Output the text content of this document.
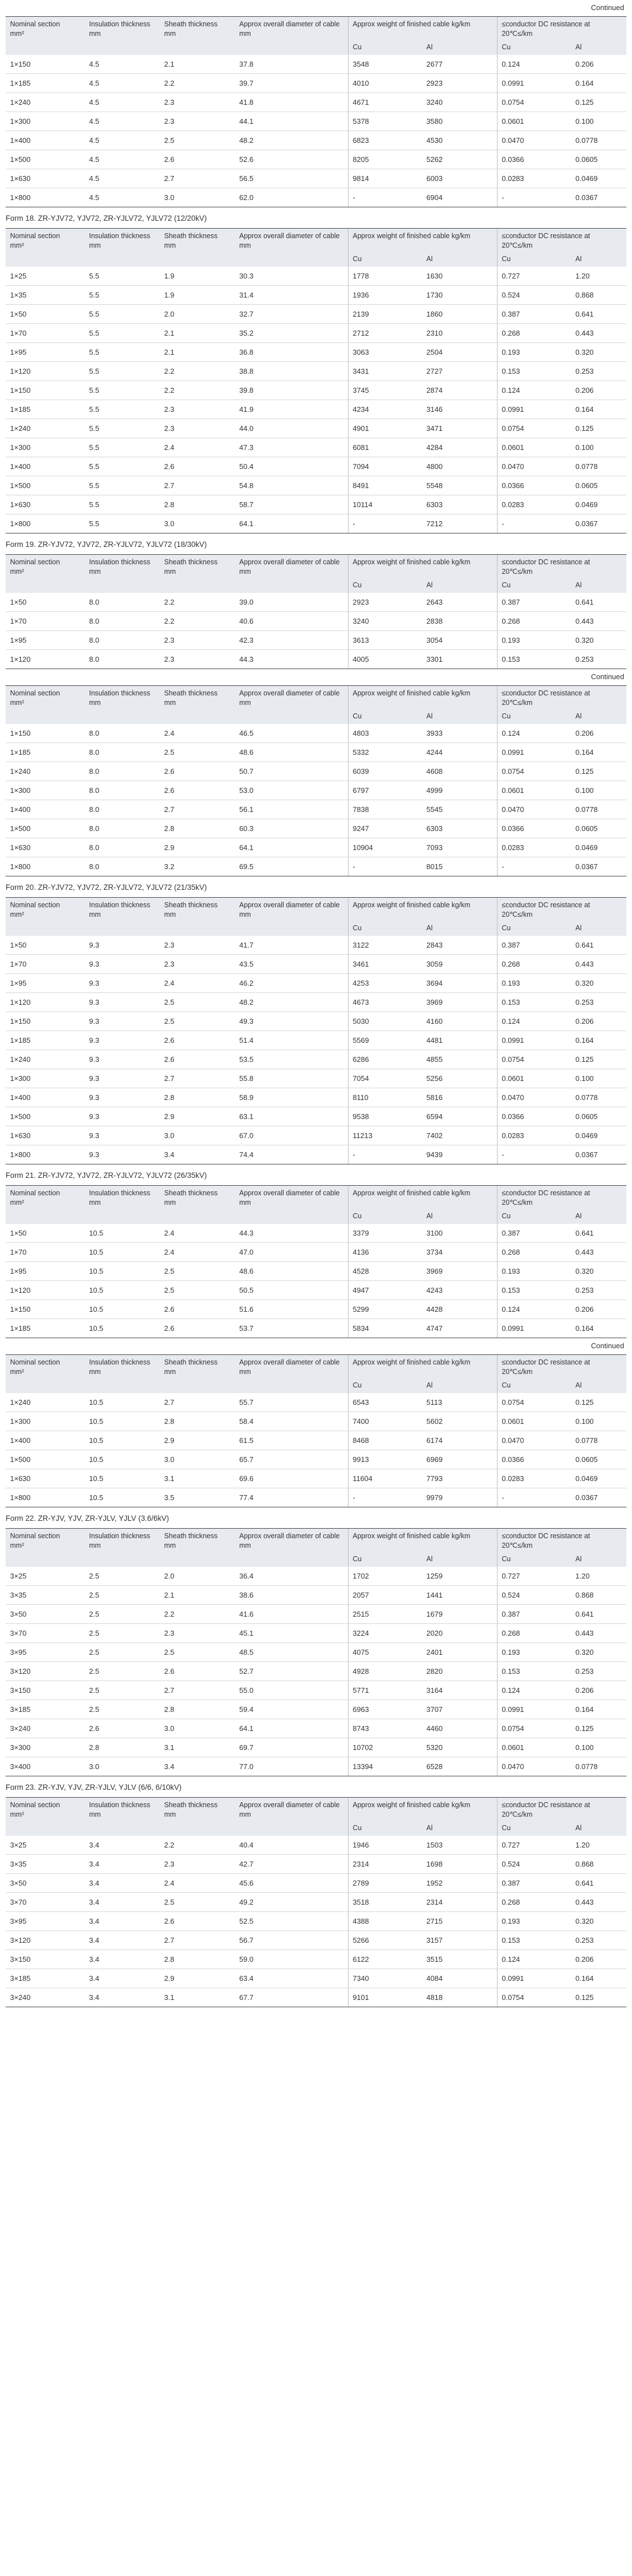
Continued
Nominal section
mm²	Insulation thickness mm	Sheath thickness mm	Approx overall diameter of cable mm	Approx weight of finished cable kg/km		≤conductor DC resistance at 20℃≤/km	
				Cu	Al	Cu	Al
1×150	4.5	2.1	37.8	3548	2677	0.124	0.206
1×185	4.5	2.2	39.7	4010	2923	0.0991	0.164
1×240	4.5	2.3	41.8	4671	3240	0.0754	0.125
1×300	4.5	2.3	44.1	5378	3580	0.0601	0.100
1×400	4.5	2.5	48.2	6823	4530	0.0470	0.0778
1×500	4.5	2.6	52.6	8205	5262	0.0366	0.0605
1×630	4.5	2.7	56.5	9814	6003	0.0283	0.0469
1×800	4.5	3.0	62.0	-	6904	-	0.0367
Form 18. ZR-YJV72, YJV72, ZR-YJLV72, YJLV72 (12/20kV)
Nominal section
mm²	Insulation thickness mm	Sheath thickness mm	Approx overall diameter of cable mm	Approx weight of finished cable kg/km		≤conductor DC resistance at 20℃≤/km	
				Cu	Al	Cu	Al
1×25	5.5	1.9	30.3	1778	1630	0.727	1.20
1×35	5.5	1.9	31.4	1936	1730	0.524	0.868
1×50	5.5	2.0	32.7	2139	1860	0.387	0.641
1×70	5.5	2.1	35.2	2712	2310	0.268	0.443
1×95	5.5	2.1	36.8	3063	2504	0.193	0.320
1×120	5.5	2.2	38.8	3431	2727	0.153	0.253
1×150	5.5	2.2	39.8	3745	2874	0.124	0.206
1×185	5.5	2.3	41.9	4234	3146	0.0991	0.164
1×240	5.5	2.3	44.0	4901	3471	0.0754	0.125
1×300	5.5	2.4	47.3	6081	4284	0.0601	0.100
1×400	5.5	2.6	50.4	7094	4800	0.0470	0.0778
1×500	5.5	2.7	54.8	8491	5548	0.0366	0.0605
1×630	5.5	2.8	58.7	10114	6303	0.0283	0.0469
1×800	5.5	3.0	64.1	-	7212	-	0.0367
Form 19. ZR-YJV72, YJV72, ZR-YJLV72, YJLV72 (18/30kV)
Nominal section
mm²	Insulation thickness mm	Sheath thickness mm	Approx overall diameter of cable mm	Approx weight of finished cable kg/km		≤conductor DC resistance at 20℃≤/km	
				Cu	Al	Cu	Al
1×50	8.0	2.2	39.0	2923	2643	0.387	0.641
1×70	8.0	2.2	40.6	3240	2838	0.268	0.443
1×95	8.0	2.3	42.3	3613	3054	0.193	0.320
1×120	8.0	2.3	44.3	4005	3301	0.153	0.253
Continued
Nominal section
mm²	Insulation thickness mm	Sheath thickness mm	Approx overall diameter of cable mm	Approx weight of finished cable kg/km		≤conductor DC resistance at 20℃≤/km	
				Cu	Al	Cu	Al
1×150	8.0	2.4	46.5	4803	3933	0.124	0.206
1×185	8.0	2.5	48.6	5332	4244	0.0991	0.164
1×240	8.0	2.6	50.7	6039	4608	0.0754	0.125
1×300	8.0	2.6	53.0	6797	4999	0.0601	0.100
1×400	8.0	2.7	56.1	7838	5545	0.0470	0.0778
1×500	8.0	2.8	60.3	9247	6303	0.0366	0.0605
1×630	8.0	2.9	64.1	10904	7093	0.0283	0.0469
1×800	8.0	3.2	69.5	-	8015	-	0.0367
Form 20. ZR-YJV72, YJV72, ZR-YJLV72, YJLV72 (21/35kV)
Nominal section
mm²	Insulation thickness mm	Sheath thickness mm	Approx overall diameter of cable mm	Approx weight of finished cable kg/km		≤conductor DC resistance at 20℃≤/km	
				Cu	Al	Cu	Al
1×50	9.3	2.3	41.7	3122	2843	0.387	0.641
1×70	9.3	2.3	43.5	3461	3059	0.268	0.443
1×95	9.3	2.4	46.2	4253	3694	0.193	0.320
1×120	9.3	2.5	48.2	4673	3969	0.153	0.253
1×150	9.3	2.5	49.3	5030	4160	0.124	0.206
1×185	9.3	2.6	51.4	5569	4481	0.0991	0.164
1×240	9.3	2.6	53.5	6286	4855	0.0754	0.125
1×300	9.3	2.7	55.8	7054	5256	0.0601	0.100
1×400	9.3	2.8	58.9	8110	5816	0.0470	0.0778
1×500	9.3	2.9	63.1	9538	6594	0.0366	0.0605
1×630	9.3	3.0	67.0	11213	7402	0.0283	0.0469
1×800	9.3	3.4	74.4	-	9439	-	0.0367
Form 21. ZR-YJV72, YJV72, ZR-YJLV72, YJLV72 (26/35kV)
Nominal section
mm²	Insulation thickness mm	Sheath thickness mm	Approx overall diameter of cable mm	Approx weight of finished cable kg/km		≤conductor DC resistance at 20℃≤/km	
				Cu	Al	Cu	Al
1×50	10.5	2.4	44.3	3379	3100	0.387	0.641
1×70	10.5	2.4	47.0	4136	3734	0.268	0.443
1×95	10.5	2.5	48.6	4528	3969	0.193	0.320
1×120	10.5	2.5	50.5	4947	4243	0.153	0.253
1×150	10.5	2.6	51.6	5299	4428	0.124	0.206
1×185	10.5	2.6	53.7	5834	4747	0.0991	0.164
Continued
Nominal section
mm²	Insulation thickness mm	Sheath thickness mm	Approx overall diameter of cable mm	Approx weight of finished cable kg/km		≤conductor DC resistance at 20℃≤/km	
				Cu	Al	Cu	Al
1×240	10.5	2.7	55.7	6543	5113	0.0754	0.125
1×300	10.5	2.8	58.4	7400	5602	0.0601	0.100
1×400	10.5	2.9	61.5	8468	6174	0.0470	0.0778
1×500	10.5	3.0	65.7	9913	6969	0.0366	0.0605
1×630	10.5	3.1	69.6	11604	7793	0.0283	0.0469
1×800	10.5	3.5	77.4	-	9979	-	0.0367
Form 22. ZR-YJV, YJV, ZR-YJLV, YJLV (3.6/6kV)
Nominal section
mm²	Insulation thickness mm	Sheath thickness mm	Approx overall diameter of cable mm	Approx weight of finished cable kg/km		≤conductor DC resistance at 20℃≤/km	
				Cu	Al	Cu	Al
3×25	2.5	2.0	36.4	1702	1259	0.727	1.20
3×35	2.5	2.1	38.6	2057	1441	0.524	0.868
3×50	2.5	2.2	41.6	2515	1679	0.387	0.641
3×70	2.5	2.3	45.1	3224	2020	0.268	0.443
3×95	2.5	2.5	48.5	4075	2401	0.193	0.320
3×120	2.5	2.6	52.7	4928	2820	0.153	0.253
3×150	2.5	2.7	55.0	5771	3164	0.124	0.206
3×185	2.5	2.8	59.4	6963	3707	0.0991	0.164
3×240	2.6	3.0	64.1	8743	4460	0.0754	0.125
3×300	2.8	3.1	69.7	10702	5320	0.0601	0.100
3×400	3.0	3.4	77.0	13394	6528	0.0470	0.0778
Form 23. ZR-YJV, YJV, ZR-YJLV, YJLV (6/6, 6/10kV)
Nominal section
mm²	Insulation thickness mm	Sheath thickness mm	Approx overall diameter of cable mm	Approx weight of finished cable kg/km		≤conductor DC resistance at 20℃≤/km	
				Cu	Al	Cu	Al
3×25	3.4	2.2	40.4	1946	1503	0.727	1.20
3×35	3.4	2.3	42.7	2314	1698	0.524	0.868
3×50	3.4	2.4	45.6	2789	1952	0.387	0.641
3×70	3.4	2.5	49.2	3518	2314	0.268	0.443
3×95	3.4	2.6	52.5	4388	2715	0.193	0.320
3×120	3.4	2.7	56.7	5266	3157	0.153	0.253
3×150	3.4	2.8	59.0	6122	3515	0.124	0.206
3×185	3.4	2.9	63.4	7340	4084	0.0991	0.164
3×240	3.4	3.1	67.7	9101	4818	0.0754	0.125
